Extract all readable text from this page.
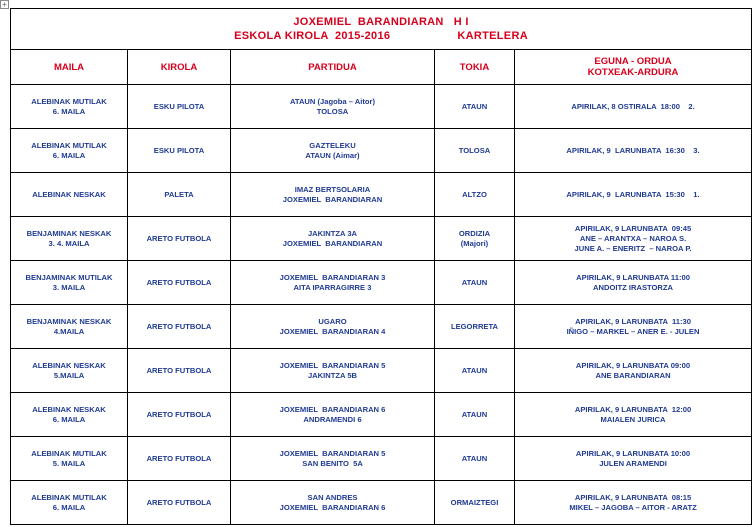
+
JOXEMIEL  BARANDIARAN   H I
ESKOLA KIROLA  2015-2016                    KARTELERA				

MAILA	KIROLA	PARTIDUA	TOKIA	EGUNA - ORDUA
KOTXEAK-ARDURA

ALEBINAK MUTILAK
6. MAILA	ESKU PILOTA	ATAUN (Jagoba – Aitor)
TOLOSA	ATAUN	APIRILAK, 8 OSTIRALA  18:00    2.

ALEBINAK MUTILAK
6. MAILA	ESKU PILOTA	GAZTELEKU
ATAUN (Aimar)	TOLOSA	APIRILAK, 9  LARUNBATA  16:30    3.

ALEBINAK NESKAK	PALETA	IMAZ BERTSOLARIA
JOXEMIEL  BARANDIARAN	ALTZO	APIRILAK, 9  LARUNBATA  15:30    1.

BENJAMINAK NESKAK
3. 4. MAILA	ARETO FUTBOLA	JAKINTZA 3A
JOXEMIEL  BARANDIARAN	ORDIZIA
(Majori)	APIRILAK, 9 LARUNBATA  09:45
ANE – ARANTXA – NAROA S.
JUNE A. – ENERITZ  – NAROA P.

BENJAMINAK MUTILAK
3. MAILA	ARETO FUTBOLA	JOXEMIEL  BARANDIARAN 3
AITA IPARRAGIRRE 3	ATAUN	APIRILAK, 9 LARUNBATA 11:00
ANDOITZ IRASTORZA

BENJAMINAK NESKAK
4.MAILA	ARETO FUTBOLA	UGARO
JOXEMIEL  BARANDIARAN 4	LEGORRETA	APIRILAK, 9 LARUNBATA  11:30
IÑIGO – MARKEL – ANER E. - JULEN

ALEBINAK NESKAK
5.MAILA	ARETO FUTBOLA	JOXEMIEL  BARANDIARAN 5
JAKINTZA 5B	ATAUN	APIRILAK, 9 LARUNBATA 09:00
ANE BARANDIARAN

ALEBINAK NESKAK
6. MAILA	ARETO FUTBOLA	JOXEMIEL  BARANDIARAN 6
ANDRAMENDI 6	ATAUN	APIRILAK, 9 LARUNBATA  12:00
MAIALEN JURICA

ALEBINAK MUTILAK
5. MAILA	ARETO FUTBOLA	JOXEMIEL  BARANDIARAN 5
SAN BENITO  5A	ATAUN	APIRILAK, 9 LARUNBATA 10:00
JULEN ARAMENDI

ALEBINAK MUTILAK
6. MAILA	ARETO FUTBOLA	SAN ANDRES
JOXEMIEL  BARANDIARAN 6	ORMAIZTEGI	APIRILAK, 9 LARUNBATA  08:15
MIKEL – JAGOBA – AITOR - ARATZ
